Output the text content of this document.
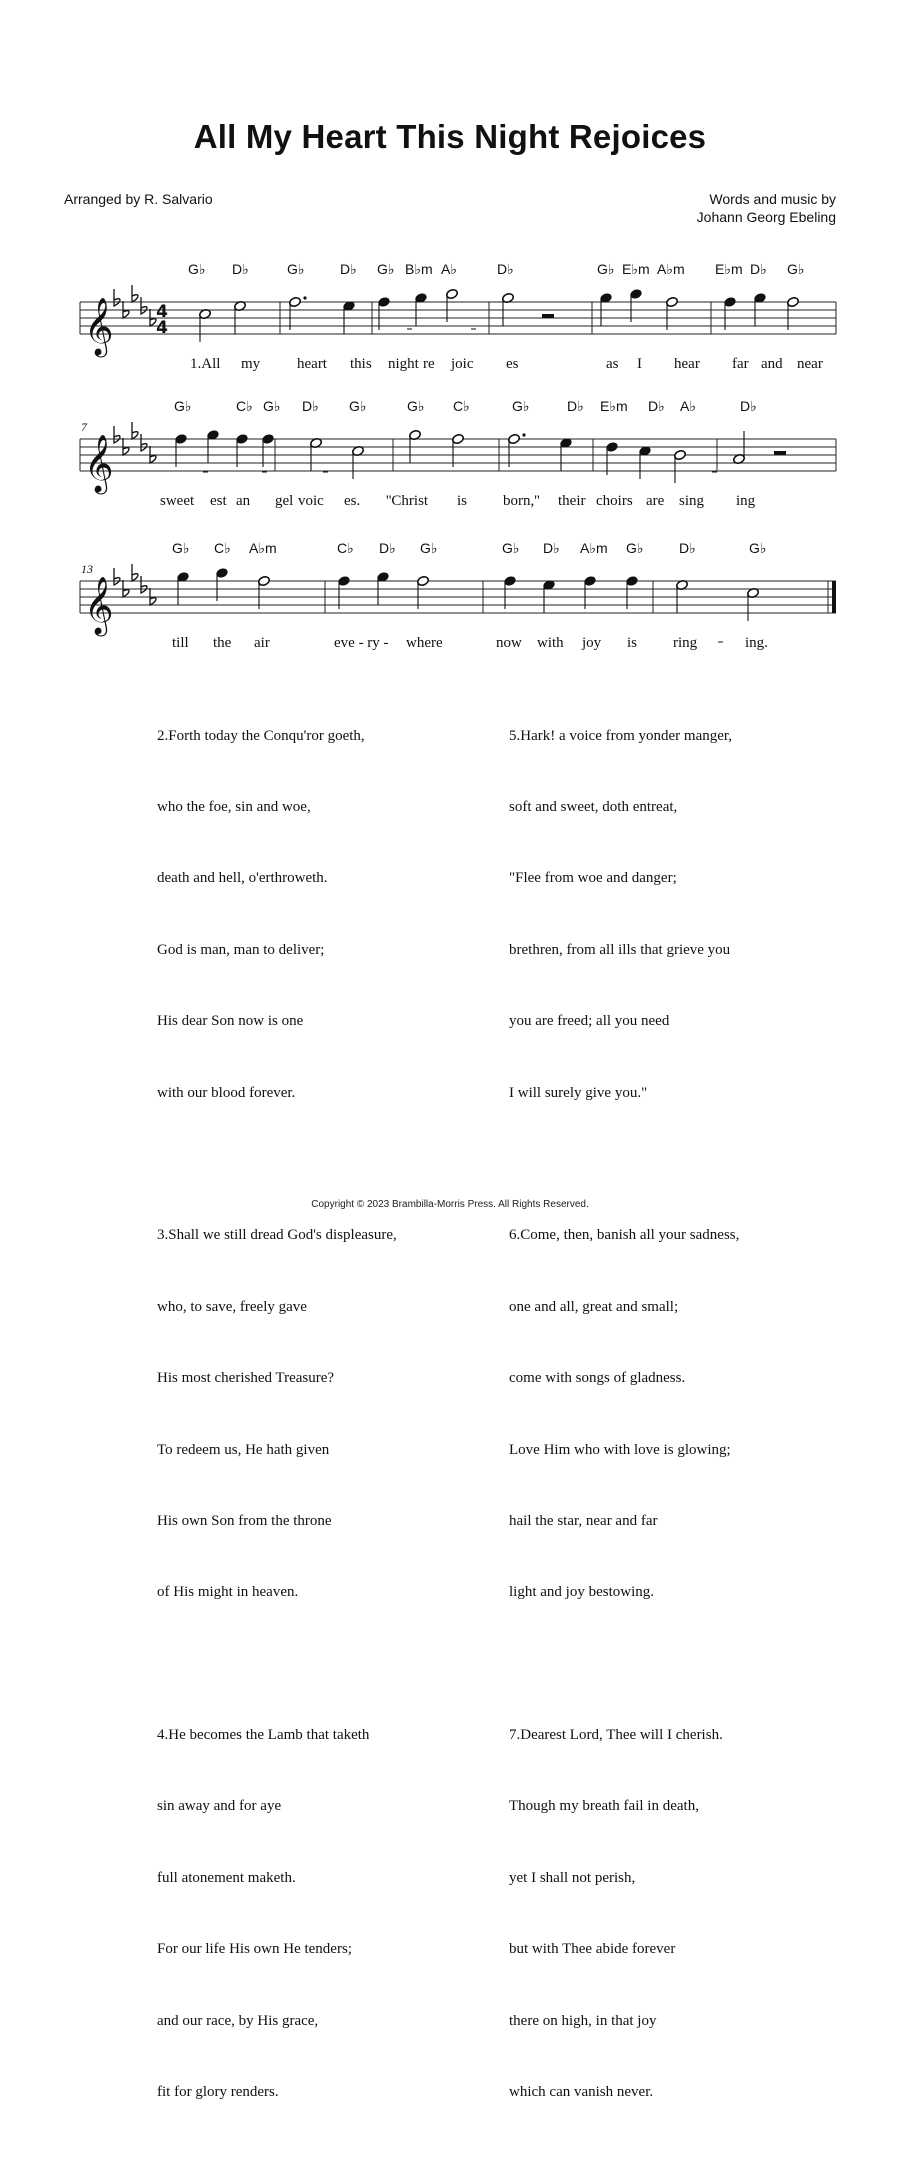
All My Heart This Night Rejoices
Arranged by R. Salvario	Words and music by
Johann Georg Ebeling
𝄞	4
4
G♭ D♭	G♭	D♭ G♭ B♭m A♭	D♭	G♭ E♭m A♭m E♭m D♭ G♭
1.All my heart this night re joic es	as I hear far and near
𝄞
7
G♭	C♭ G♭ D♭ G♭	G♭ C♭	G♭	D♭ E♭m D♭ A♭	D♭
sweet est an gel voic es. ''Christ is born,'' their choirs are sing ing
𝄞
13
G♭ C♭ A♭m	C♭ D♭ G♭	G♭ D♭ A♭m G♭	D♭	G♭
till the air	eve - ry - where	now with joy is ring	ing.

2.Forth today the Conqu'ror goeth,

who the foe, sin and woe,

death and hell, o'erthroweth.

God is man, man to deliver;

His dear Son now is one

with our blood forever.

3.Shall we still dread God's displeasure,

who, to save, freely gave

His most cherished Treasure?

To redeem us, He hath given

His own Son from the throne

of His might in heaven.

4.He becomes the Lamb that taketh

sin away and for aye

full atonement maketh.

For our life His own He tenders;

and our race, by His grace,

fit for glory renders.

5.Hark! a voice from yonder manger,

soft and sweet, doth entreat,

"Flee from woe and danger;

brethren, from all ills that grieve you

you are freed; all you need

I will surely give you."

6.Come, then, banish all your sadness,

one and all, great and small;

come with songs of gladness.

Love Him who with love is glowing;

hail the star, near and far

light and joy bestowing.

7.Dearest Lord, Thee will I cherish.

Though my breath fail in death,

yet I shall not perish,

but with Thee abide forever

there on high, in that joy

which can vanish never.

Copyright © 2023 Brambilla-Morris Press. All Rights Reserved.
